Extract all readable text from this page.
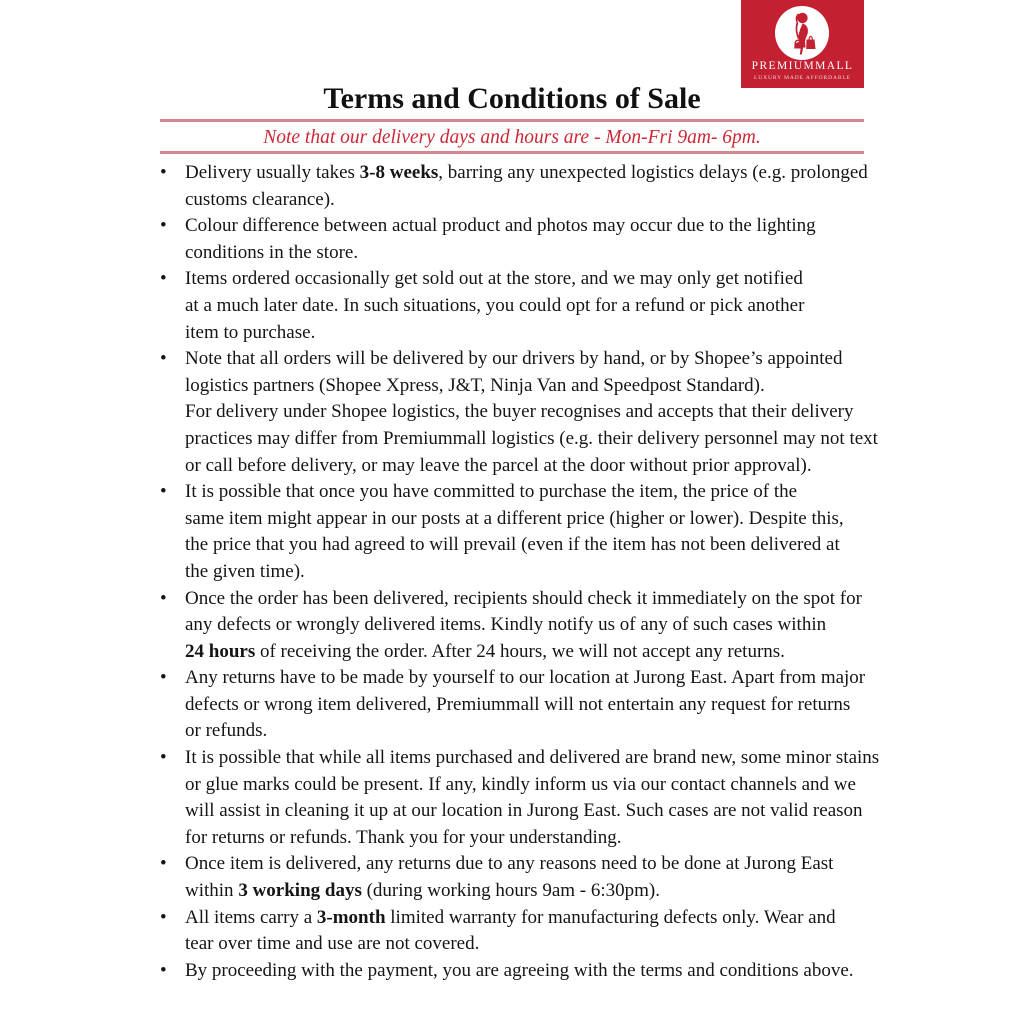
PREMIUMMALL
LUXURY MADE AFFORDABLE
Terms and Conditions of Sale
Note that our delivery days and hours are - Mon-Fri 9am- 6pm.
• Delivery usually takes 3-8 weeks, barring any unexpected logistics delays (e.g. prolonged
customs clearance).
• Colour difference between actual product and photos may occur due to the lighting
conditions in the store.
• Items ordered occasionally get sold out at the store, and we may only get notified
at a much later date. In such situations, you could opt for a refund or pick another
item to purchase.
• Note that all orders will be delivered by our drivers by hand, or by Shopee’s appointed
logistics partners (Shopee Xpress, J&T, Ninja Van and Speedpost Standard).
For delivery under Shopee logistics, the buyer recognises and accepts that their delivery
practices may differ from Premiummall logistics (e.g. their delivery personnel may not text
or call before delivery, or may leave the parcel at the door without prior approval).
• It is possible that once you have committed to purchase the item, the price of the
same item might appear in our posts at a different price (higher or lower). Despite this,
the price that you had agreed to will prevail (even if the item has not been delivered at
the given time).
• Once the order has been delivered, recipients should check it immediately on the spot for
any defects or wrongly delivered items. Kindly notify us of any of such cases within
24 hours of receiving the order. After 24 hours, we will not accept any returns.
• Any returns have to be made by yourself to our location at Jurong East. Apart from major
defects or wrong item delivered, Premiummall will not entertain any request for returns
or refunds.
• It is possible that while all items purchased and delivered are brand new, some minor stains
or glue marks could be present. If any, kindly inform us via our contact channels and we
will assist in cleaning it up at our location in Jurong East. Such cases are not valid reason
for returns or refunds. Thank you for your understanding.
• Once item is delivered, any returns due to any reasons need to be done at Jurong East
within 3 working days (during working hours 9am - 6:30pm).
• All items carry a 3-month limited warranty for manufacturing defects only. Wear and
tear over time and use are not covered.
• By proceeding with the payment, you are agreeing with the terms and conditions above.
